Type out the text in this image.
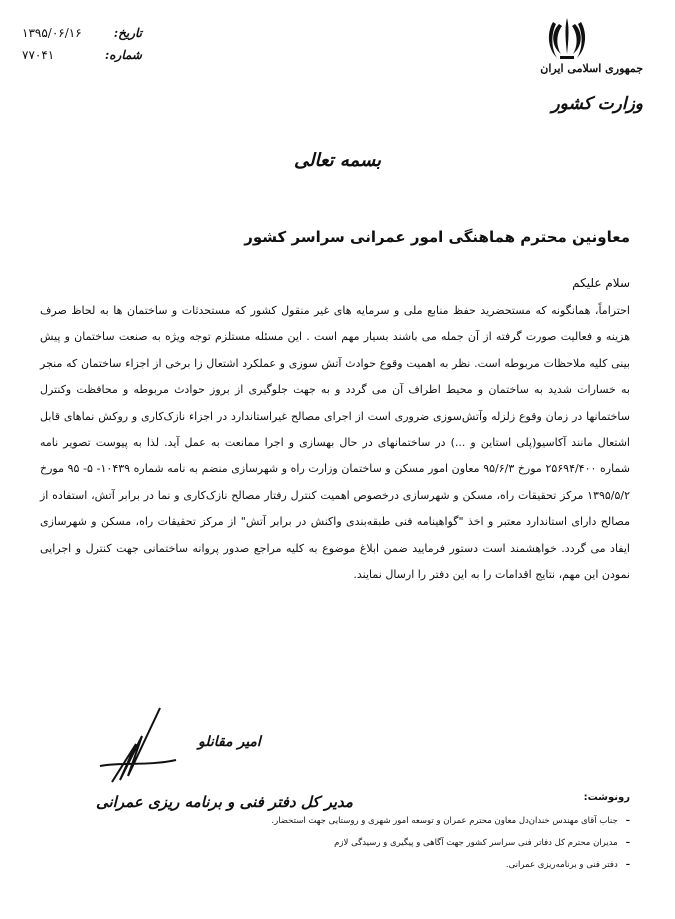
تاریخ:
۱۳۹۵/۰۶/۱۶
شماره:
۷۷۰۴۱
جمهوری اسلامی ایران
وزارت کشور
بسمه تعالی
معاونین محترم هماهنگی امور عمرانی سراسر کشور
سلام علیکم

احتراماً، همانگونه که مستحضرید حفظ منابع ملی و سرمایه های غیر منقول کشور که مستحدثات و ساختمان ها به لحاظ صرف هزینه و فعالیت صورت گرفته از آن جمله می باشند بسیار مهم است . این مسئله مستلزم توجه ویژه به صنعت ساختمان و پیش بینی کلیه ملاحظات مربوطه است. نظر به اهمیت وقوع حوادث آتش سوزی و عملکرد اشتعال زا برخی از اجزاء ساختمان که منجر به خسارات شدید به ساختمان و محیط اطراف آن می گردد و به جهت جلوگیری از بروز حوادث مربوطه و محافظت وکنترل ساختمانها در زمان وقوع زلزله وآتش‌سوزی ضروری است از اجرای مصالح غیراستاندارد در اجزاء نازک‌کاری و روکش نماهای قابل اشتعال مانند آکاسیو(پلی استاین و ...) در ساختمانهای در حال بهسازی و اجرا ممانعت به عمل آید. لذا به پیوست تصویر نامه شماره ۲۵۶۹۴/۴۰۰ مورخ ۹۵/۶/۳ معاون امور مسکن و ساختمان وزارت راه و شهرسازی منضم به نامه شماره ۱۰۴۳۹- ۵- ۹۵ مورخ ۱۳۹۵/۵/۲ مرکز تحقیقات راه، مسکن و شهرسازی درخصوص اهمیت کنترل رفتار مصالح نازک‌کاری و نما در برابر آتش، استفاده از مصالح دارای استاندارد معتبر و اخذ "گواهینامه فنی طبقه‌بندی واکنش در برابر آتش" از مرکز تحقیقات راه، مسکن و شهرسازی ایفاد می گردد. خواهشمند است دستور فرمایید ضمن ابلاغ موضوع به کلیه مراجع صدور پروانه ساختمانی جهت کنترل و اجرایی نمودن این مهم، نتایج اقدامات را به این دفتر را ارسال نمایند.

امیر مقانلو
مدیر کل دفتر فنی و برنامه ریزی عمرانی	رونوشت:
–
جناب آقای مهندس خندان‌دل معاون محترم عمران و توسعه امور شهری و روستایی جهت استحضار.
–
مدیران محترم کل دفاتر فنی سراسر کشور جهت آگاهی و پیگیری و رسیدگی لازم
–
دفتر فنی و برنامه‌ریزی عمرانی.
